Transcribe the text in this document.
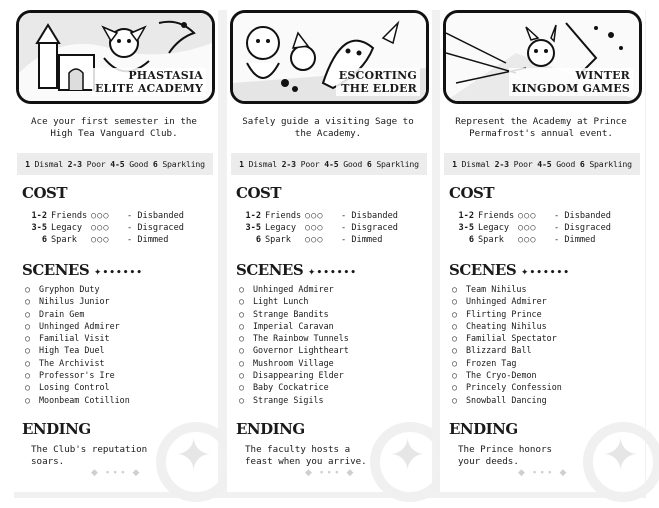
PHASTASIA
ELITE ACADEMY
Ace your first semester in the High Tea Vanguard Club.
1 Dismal 2-3 Poor 4-5 Good 6 Sparkling
COST
1-2 Friends ○○○	- Disbanded
3-5 Legacy	○○○	- Disgraced
6 Spark	○○○	- Dimmed
SCENES ✦••••••
○ Gryphon Duty
○ Nihilus Junior
○ Drain Gem
○ Unhinged Admirer
○ Familial Visit
○ High Tea Duel
○ The Archivist
○ Professor's Ire
○ Losing Control
○ Moonbeam Cotillion
ENDING
✦
The Club's reputation soars.
◆ ∙∙∙ ◆
ESCORTING
THE ELDER
Safely guide a visiting Sage to the Academy.
1 Dismal 2-3 Poor 4-5 Good 6 Sparkling
COST
1-2 Friends ○○○	- Disbanded
3-5 Legacy	○○○	- Disgraced
6 Spark	○○○	- Dimmed
SCENES ✦••••••
○ Unhinged Admirer
○ Light Lunch
○ Strange Bandits
○ Imperial Caravan
○ The Rainbow Tunnels
○ Governor Lightheart
○ Mushroom Village
○ Disappearing Elder
○ Baby Cockatrice
○ Strange Sigils
ENDING
✦
The faculty hosts a feast when you arrive.
◆ ∙∙∙ ◆
WINTER
KINGDOM GAMES
Represent the Academy at Prince Permafrost's annual event.
1 Dismal 2-3 Poor 4-5 Good 6 Sparkling
COST
1-2 Friends ○○○	- Disbanded
3-5 Legacy	○○○	- Disgraced
6 Spark	○○○	- Dimmed
SCENES ✦••••••
○ Team Nihilus
○ Unhinged Admirer
○ Flirting Prince
○ Cheating Nihilus
○ Familial Spectator
○ Blizzard Ball
○ Frozen Tag
○ The Cryo-Demon
○ Princely Confession
○ Snowball Dancing
ENDING
✦
The Prince honors your deeds.
◆ ∙∙∙ ◆
